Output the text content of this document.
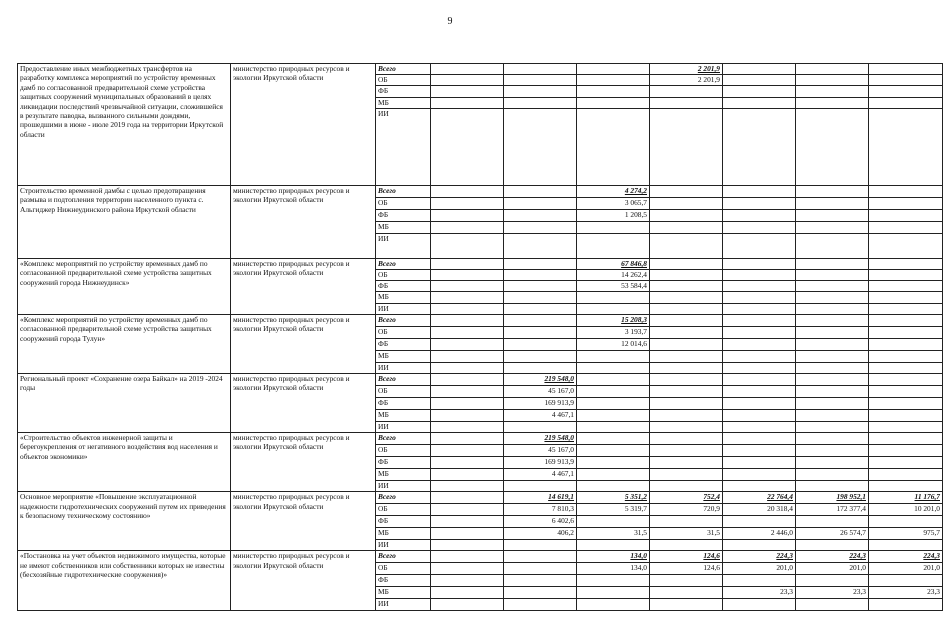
9
Предоставление иных межбюджетных трансфертов на разработку комплекса мероприятий по устройству временных дамб по согласованной предварительной схеме устройства защитных сооружений муниципальных образований в целях ликвидации последствий чрезвычайной ситуации, сложившейся в результате паводка, вызванного сильными дождями, прошедшими в июне - июле 2019 года на территории Иркутской области	министерство природных ресурсов и экологии Иркутской области	Всего				2 201,9			
		ОБ				2 201,9			
		ФБ							
		МБ							
		ИИ							
Строительство временной дамбы с целью предотвращения размыва и подтопления территории населенного пункта с. Альгиджер Нижнеудинского района Иркутской области	министерство природных ресурсов и экологии Иркутской области	Всего			4 274,2				
		ОБ			3 065,7				
		ФБ			1 208,5				
		МБ							
		ИИ							
«Комплекс мероприятий по устройству временных дамб по согласованной предварительной схеме устройства защитных сооружений города Нижнеудинск»	министерство природных ресурсов и экологии Иркутской области	Всего			67 846,8				
		ОБ			14 262,4				
		ФБ			53 584,4				
		МБ							
		ИИ							
«Комплекс мероприятий по устройству временных дамб по согласованной предварительной схеме устройства защитных сооружений города Тулун»	министерство природных ресурсов и экологии Иркутской области	Всего			15 208,3				
		ОБ			3 193,7				
		ФБ			12 014,6				
		МБ							
		ИИ							
Региональный проект «Сохранение озера Байкал» на 2019 -2024 годы	министерство природных ресурсов и экологии Иркутской области	Всего		219 548,0					
		ОБ		45 167,0					
		ФБ		169 913,9					
		МБ		4 467,1					
		ИИ							
«Строительство объектов инженерной защиты и берегоукрепления от негативного воздействия вод населения и объектов экономики»	министерство природных ресурсов и экологии Иркутской области	Всего		219 548,0					
		ОБ		45 167,0					
		ФБ		169 913,9					
		МБ		4 467,1					
		ИИ							
Основное мероприятие «Повышение эксплуатационной надежности гидротехнических сооружений путем их приведения к безопасному техническому состоянию»	министерство природных ресурсов и экологии Иркутской области	Всего		14 619,1	5 351,2	752,4	22 764,4	198 952,1	11 176,7
		ОБ		7 810,3	5 319,7	720,9	20 318,4	172 377,4	10 201,0
		ФБ		6 402,6					
		МБ		406,2	31,5	31,5	2 446,0	26 574,7	975,7
		ИИ							
«Постановка на учет объектов недвижимого имущества, которые не имеют собственников или собственники которых не известны (бесхозяйные гидротехнические сооружения)»	министерство природных ресурсов и экологии Иркутской области	Всего			134,0	124,6	224,3	224,3	224,3
		ОБ			134,0	124,6	201,0	201,0	201,0
		ФБ							
		МБ					23,3	23,3	23,3
		ИИ							
